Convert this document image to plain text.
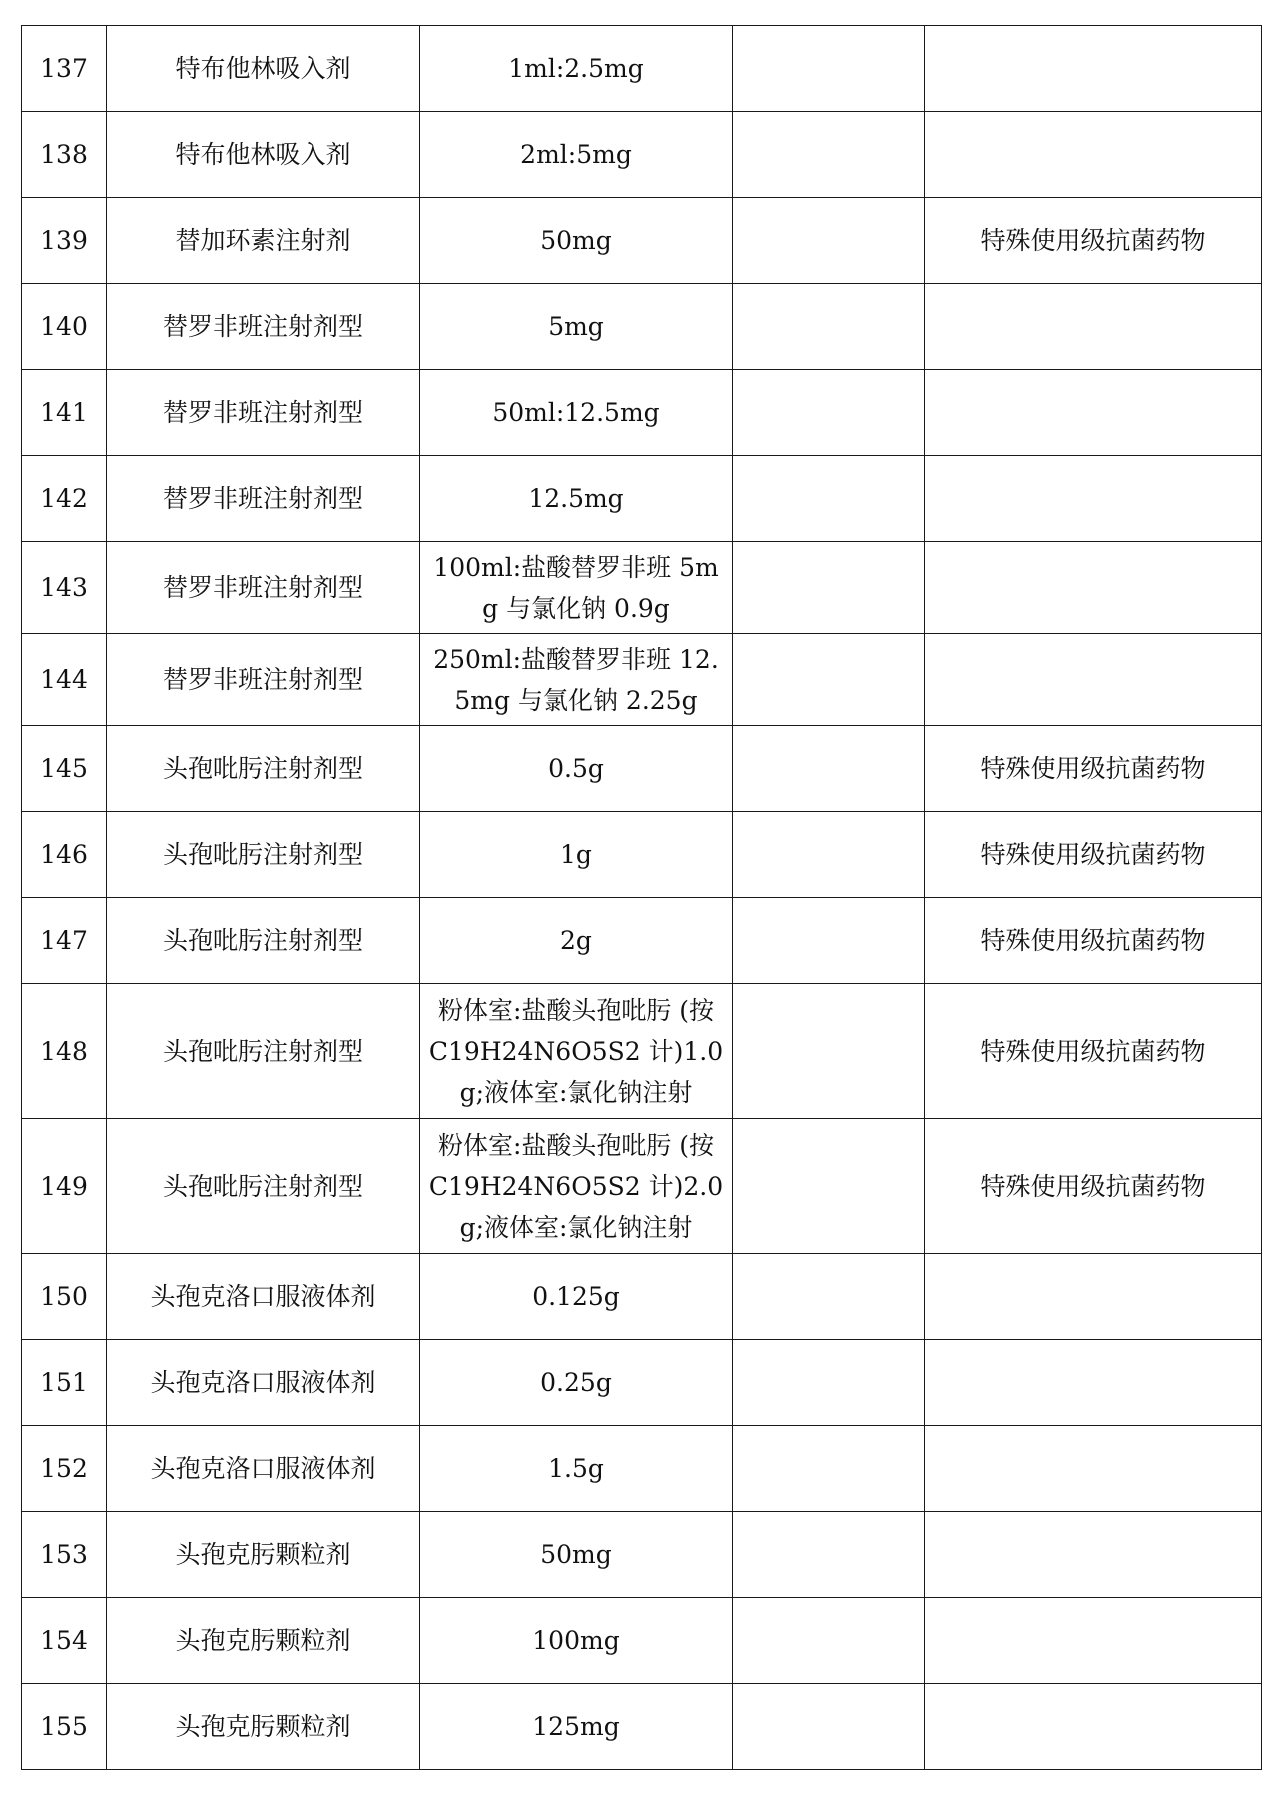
137	特布他林吸入剂	1ml:2.5mg		
138	特布他林吸入剂	2ml:5mg		
139	替加环素注射剂	50mg		特殊使用级抗菌药物
140	替罗非班注射剂型	5mg		
141	替罗非班注射剂型	50ml:12.5mg		
142	替罗非班注射剂型	12.5mg		
143	替罗非班注射剂型	100ml:盐酸替罗非班 5mg 与氯化钠 0.9g		
144	替罗非班注射剂型	250ml:盐酸替罗非班 12.5mg 与氯化钠 2.25g		
145	头孢吡肟注射剂型	0.5g		特殊使用级抗菌药物
146	头孢吡肟注射剂型	1g		特殊使用级抗菌药物
147	头孢吡肟注射剂型	2g		特殊使用级抗菌药物
148	头孢吡肟注射剂型	粉体室:盐酸头孢吡肟 (按 C19H24N6O5S2 计)1.0g;液体室:氯化钠注射		特殊使用级抗菌药物
149	头孢吡肟注射剂型	粉体室:盐酸头孢吡肟 (按 C19H24N6O5S2 计)2.0g;液体室:氯化钠注射		特殊使用级抗菌药物
150	头孢克洛口服液体剂	0.125g		
151	头孢克洛口服液体剂	0.25g		
152	头孢克洛口服液体剂	1.5g		
153	头孢克肟颗粒剂	50mg		
154	头孢克肟颗粒剂	100mg		
155	头孢克肟颗粒剂	125mg		
